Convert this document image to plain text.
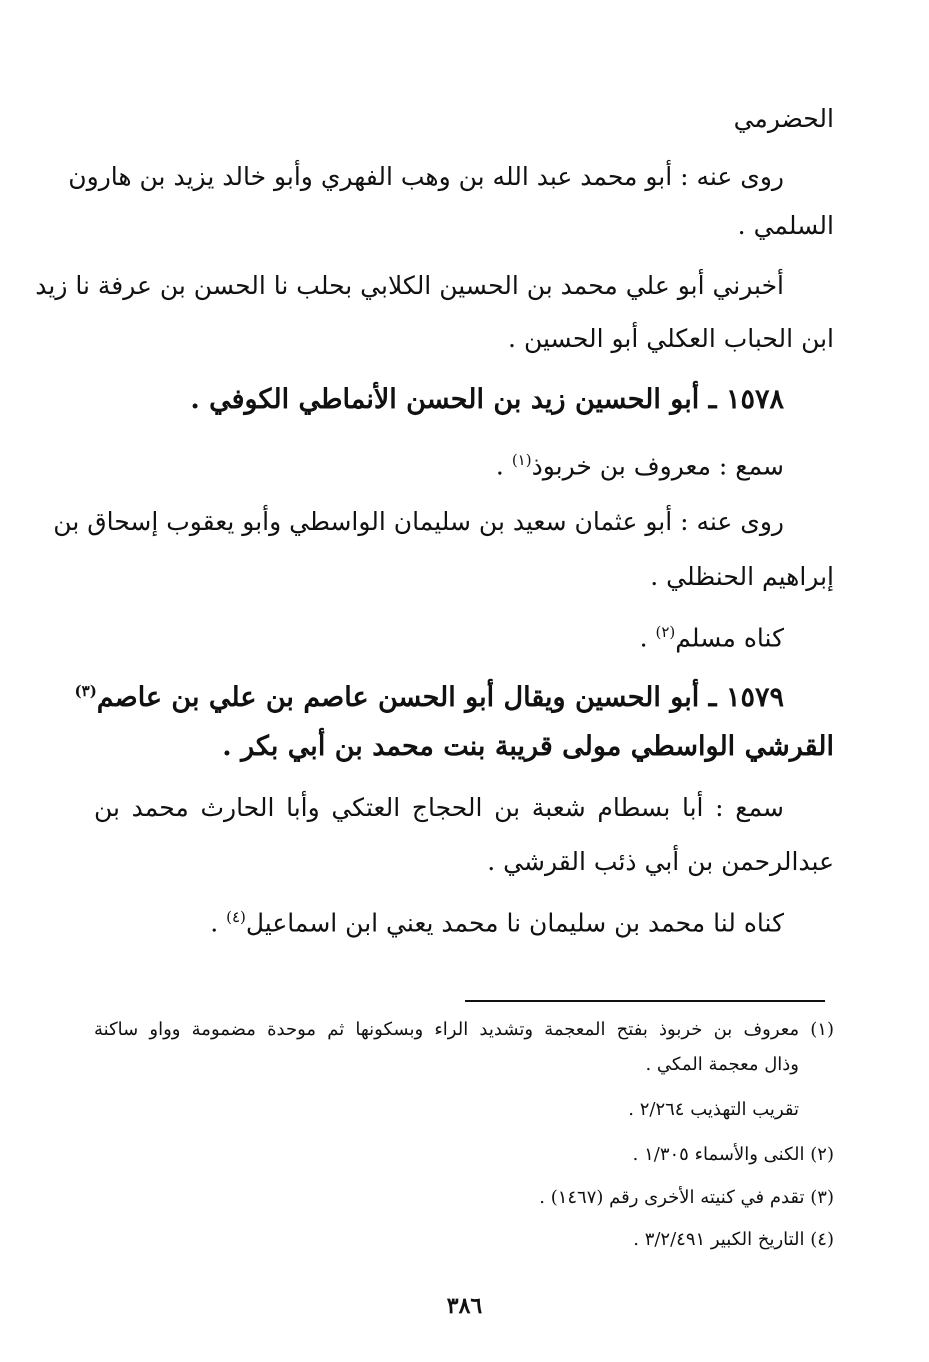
الحضرمي
روى عنه : أبو محمد عبد الله بن وهب الفهري وأبو خالد يزيد بن هارون
السلمي .
أخبرني أبو علي محمد بن الحسين الكلابي بحلب نا الحسن بن عرفة نا زيد
ابن الحباب العكلي أبو الحسين .
١٥٧٨ ـ أبو الحسين زيد بن الحسن الأنماطي الكوفي .
سمع : معروف بن خربوذ$^{(١)}$ .
روى عنه : أبو عثمان سعيد بن سليمان الواسطي وأبو يعقوب إسحاق بن
إبراهيم الحنظلي .
كناه مسلم$^{(٢)}$ .
١٥٧٩ ـ أبو الحسين ويقال أبو الحسن عاصم بن علي بن عاصم$^{(٣)}$
القرشي الواسطي مولى قريبة بنت محمد بن أبي بكر .
سمع : أبا بسطام شعبة بن الحجاج العتكي وأبا الحارث محمد بن
عبدالرحمن بن أبي ذئب القرشي .
كناه لنا محمد بن سليمان نا محمد يعني ابن اسماعيل$^{(٤)}$ .
(١) معروف بن خربوذ بفتح المعجمة وتشديد الراء وبسكونها ثم موحدة مضمومة وواو ساكنة
وذال معجمة المكي .
تقريب التهذيب ٢/٢٦٤ .
(٢) الكنى والأسماء ١/٣٠٥ .
(٣) تقدم في كنيته الأخرى رقم (١٤٦٧) .
(٤) التاريخ الكبير ٣/٢/٤٩١ .
٣٨٦
